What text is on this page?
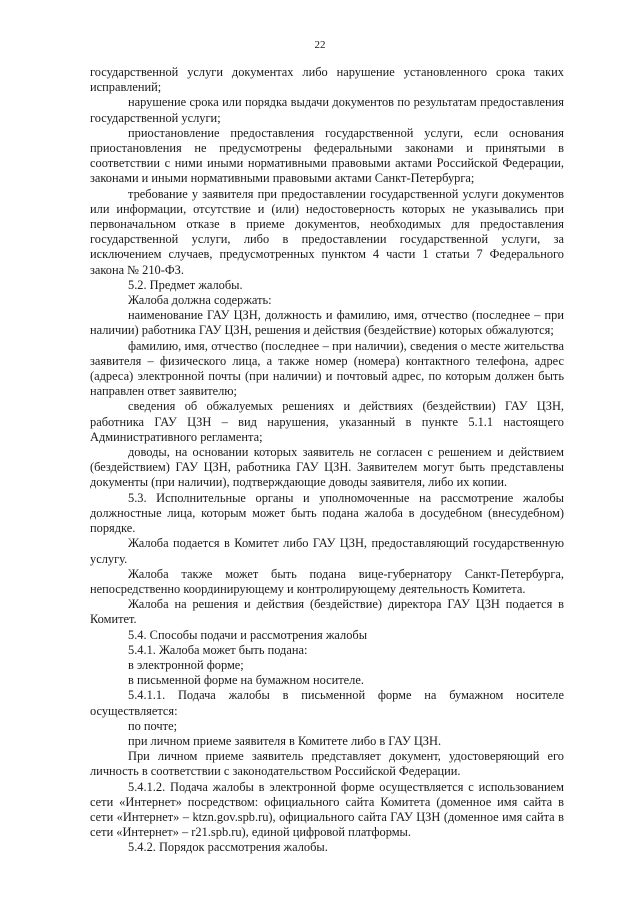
22

государственной услуги документах либо нарушение установленного срока таких исправлений;

нарушение срока или порядка выдачи документов по результатам предоставления государственной услуги;

приостановление предоставления государственной услуги, если основания приостановления не предусмотрены федеральными законами и принятыми в соответствии с ними иными нормативными правовыми актами Российской Федерации, законами и иными нормативными правовыми актами Санкт-Петербурга;

требование у заявителя при предоставлении государственной услуги документов или информации, отсутствие и (или) недостоверность которых не указывались при первоначальном отказе в приеме документов, необходимых для предоставления государственной услуги, либо в предоставлении государственной услуги, за исключением случаев, предусмотренных пунктом 4 части 1 статьи 7 Федерального закона № 210-ФЗ.

5.2. Предмет жалобы.

Жалоба должна содержать:

наименование ГАУ ЦЗН, должность и фамилию, имя, отчество (последнее – при наличии) работника ГАУ ЦЗН, решения и действия (бездействие) которых обжалуются;

фамилию, имя, отчество (последнее – при наличии), сведения о месте жительства заявителя – физического лица, а также номер (номера) контактного телефона, адрес (адреса) электронной почты (при наличии) и почтовый адрес, по которым должен быть направлен ответ заявителю;

сведения об обжалуемых решениях и действиях (бездействии) ГАУ ЦЗН, работника ГАУ ЦЗН – вид нарушения, указанный в пункте 5.1.1 настоящего Административного регламента;

доводы, на основании которых заявитель не согласен с решением и действием (бездействием) ГАУ ЦЗН, работника ГАУ ЦЗН. Заявителем могут быть представлены документы (при наличии), подтверждающие доводы заявителя, либо их копии.

5.3. Исполнительные органы и уполномоченные на рассмотрение жалобы должностные лица, которым может быть подана жалоба в досудебном (внесудебном) порядке.

Жалоба подается в Комитет либо ГАУ ЦЗН, предоставляющий государственную услугу.

Жалоба также может быть подана вице-губернатору Санкт-Петербурга, непосредственно координирующему и контролирующему деятельность Комитета.

Жалоба на решения и действия (бездействие) директора ГАУ ЦЗН подается в Комитет.

5.4. Способы подачи и рассмотрения жалобы

5.4.1. Жалоба может быть подана:

в электронной форме;

в письменной форме на бумажном носителе.

5.4.1.1. Подача жалобы в письменной форме на бумажном носителе осуществляется:

по почте;

при личном приеме заявителя в Комитете либо в ГАУ ЦЗН.

При личном приеме заявитель представляет документ, удостоверяющий его личность в соответствии с законодательством Российской Федерации.

5.4.1.2. Подача жалобы в электронной форме осуществляется с использованием сети «Интернет» посредством: официального сайта Комитета (доменное имя сайта в сети «Интернет» – ktzn.gov.spb.ru), официального сайта ГАУ ЦЗН (доменное имя сайта в сети «Интернет» – r21.spb.ru), единой цифровой платформы.

5.4.2. Порядок рассмотрения жалобы.
